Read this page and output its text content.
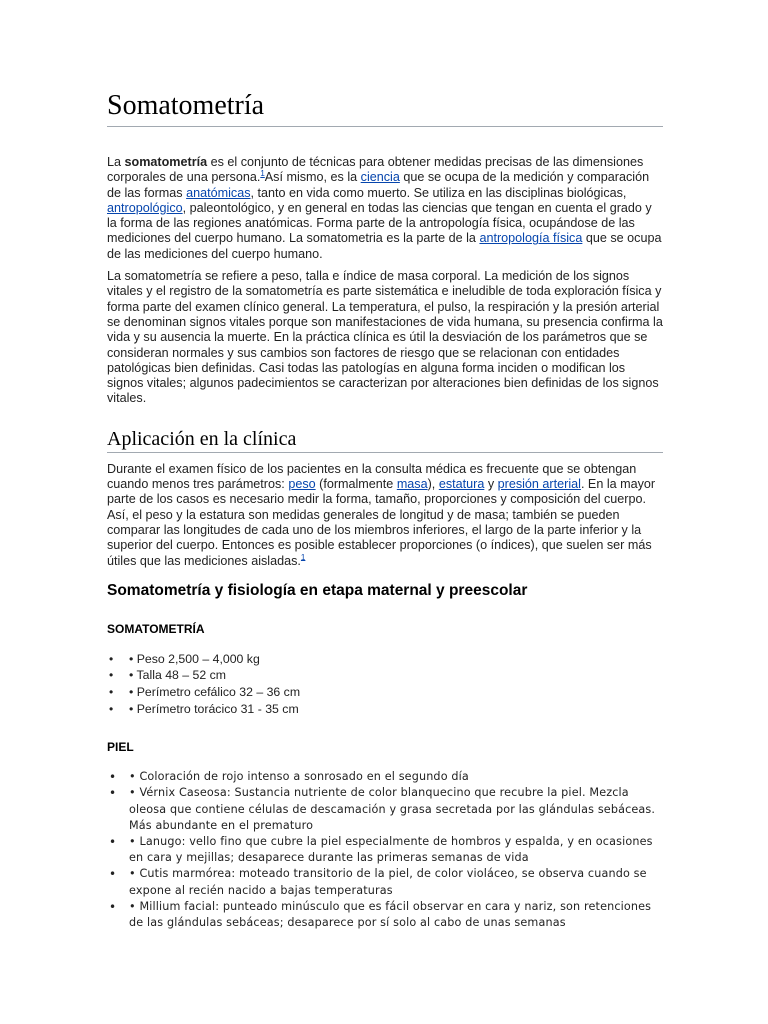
Somatometría

La somatometría es el conjunto de técnicas para obtener medidas precisas de las dimensiones corporales de una persona.$^1$Así mismo, es la ciencia que se ocupa de la medición y comparación de las formas anatómicas, tanto en vida como muerto. Se utiliza en las disciplinas biológicas, antropológico, paleontológico, y en general en todas las ciencias que tengan en cuenta el grado y la forma de las regiones anatómicas. Forma parte de la antropología física, ocupándose de las mediciones del cuerpo humano. La somatometria es la parte de la antropología física que se ocupa de las mediciones del cuerpo humano.

La somatometría se refiere a peso, talla e índice de masa corporal. La medición de los signos vitales y el registro de la somatometría es parte sistemática e ineludible de toda exploración física y forma parte del examen clínico general. La temperatura, el pulso, la respiración y la presión arterial se denominan signos vitales porque son manifestaciones de vida humana, su presencia confirma la vida y su ausencia la muerte. En la práctica clínica es útil la desviación de los parámetros que se consideran normales y sus cambios son factores de riesgo que se relacionan con entidades patológicas bien definidas. Casi todas las patologías en alguna forma inciden o modifican los signos vitales; algunos padecimientos se caracterizan por alteraciones bien definidas de los signos vitales.

Aplicación en la clínica

Durante el examen físico de los pacientes en la consulta médica es frecuente que se obtengan cuando menos tres parámetros: peso (formalmente masa), estatura y presión arterial. En la mayor parte de los casos es necesario medir la forma, tamaño, proporciones y composición del cuerpo. Así, el peso y la estatura son medidas generales de longitud y de masa; también se pueden comparar las longitudes de cada uno de los miembros inferiores, el largo de la parte inferior y la superior del cuerpo. Entonces es posible establecer proporciones (o índices), que suelen ser más útiles que las mediciones aisladas.$^1$

Somatometría y fisiología en etapa maternal y preescolar
SOMATOMETRÍA
• • Peso 2,500 – 4,000 kg
• • Talla 48 – 52 cm
• • Perímetro cefálico 32 – 36 cm
• • Perímetro torácico 31 - 35 cm
PIEL
• • Coloración de rojo intenso a sonrosado en el segundo día
• • Vérnix Caseosa: Sustancia nutriente de color blanquecino que recubre la piel. Mezcla oleosa que contiene células de descamación y grasa secretada por las glándulas sebáceas. Más abundante en el prematuro
• • Lanugo: vello fino que cubre la piel especialmente de hombros y espalda, y en ocasiones en cara y mejillas; desaparece durante las primeras semanas de vida
• • Cutis marmórea: moteado transitorio de la piel, de color violáceo, se observa cuando se expone al recién nacido a bajas temperaturas
• • Millium facial: punteado minúsculo que es fácil observar en cara y nariz, son retenciones de las glándulas sebáceas; desaparece por sí solo al cabo de unas semanas
